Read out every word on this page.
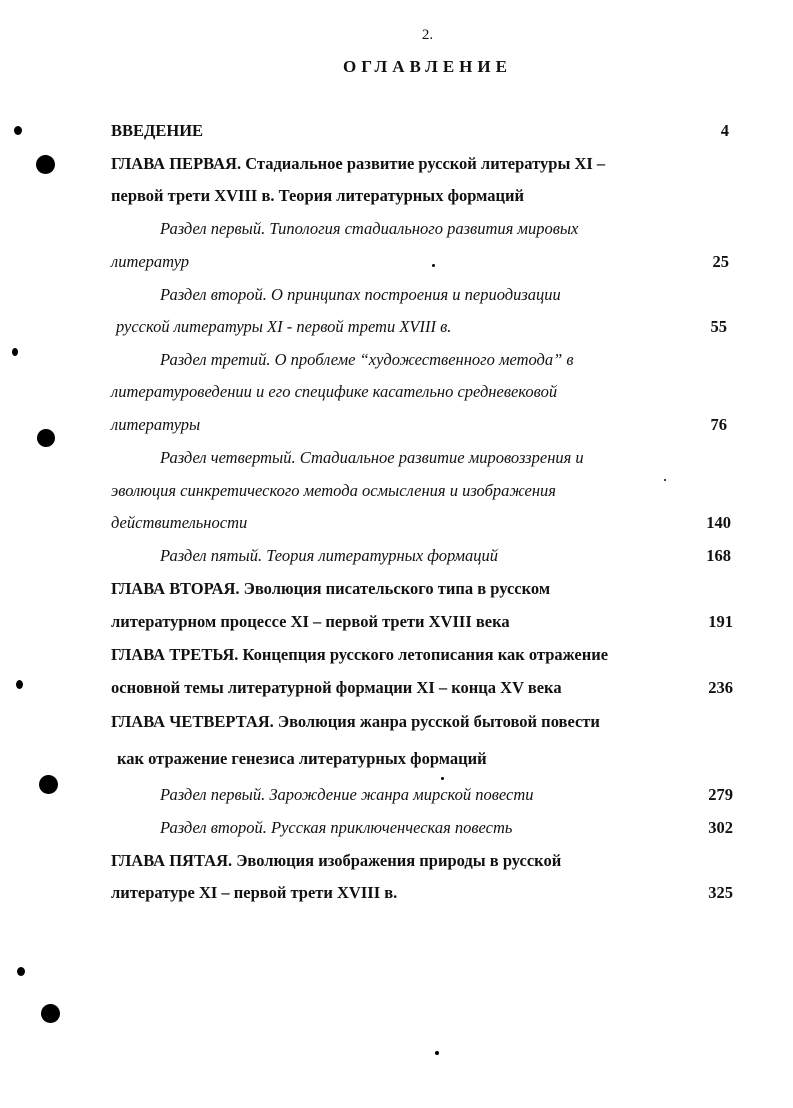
2.
ОГЛАВЛЕНИЕ
ВВЕДЕНИЕ	4
ГЛАВА ПЕРВАЯ. Стадиальное развитие русской литературы XI –
первой трети XVIII в. Теория литературных формаций
Раздел первый. Типология стадиального развития мировых
литератур	25
Раздел второй. О принципах построения и периодизации
русской литературы XI - первой трети XVIII в.	55
Раздел третий. О проблеме “художественного метода” в
литературоведении и его специфике касательно средневековой
литературы	76
Раздел четвертый. Стадиальное развитие мировоззрения и
эволюция синкретического метода осмысления и изображения
действительности	140
Раздел пятый. Теория литературных формаций	168
ГЛАВА ВТОРАЯ. Эволюция писательского типа в русском
литературном процессе XI – первой трети XVIII века	191
ГЛАВА ТРЕТЬЯ. Концепция русского летописания как отражение
основной темы литературной формации XI – конца XV века	236
ГЛАВА ЧЕТВЕРТАЯ. Эволюция жанра русской бытовой повести
как отражение генезиса литературных формаций
Раздел первый. Зарождение жанра мирской повести	279
Раздел второй. Русская приключенческая повесть	302
ГЛАВА ПЯТАЯ. Эволюция изображения природы в русской
литературе XI – первой трети XVIII в.	325
